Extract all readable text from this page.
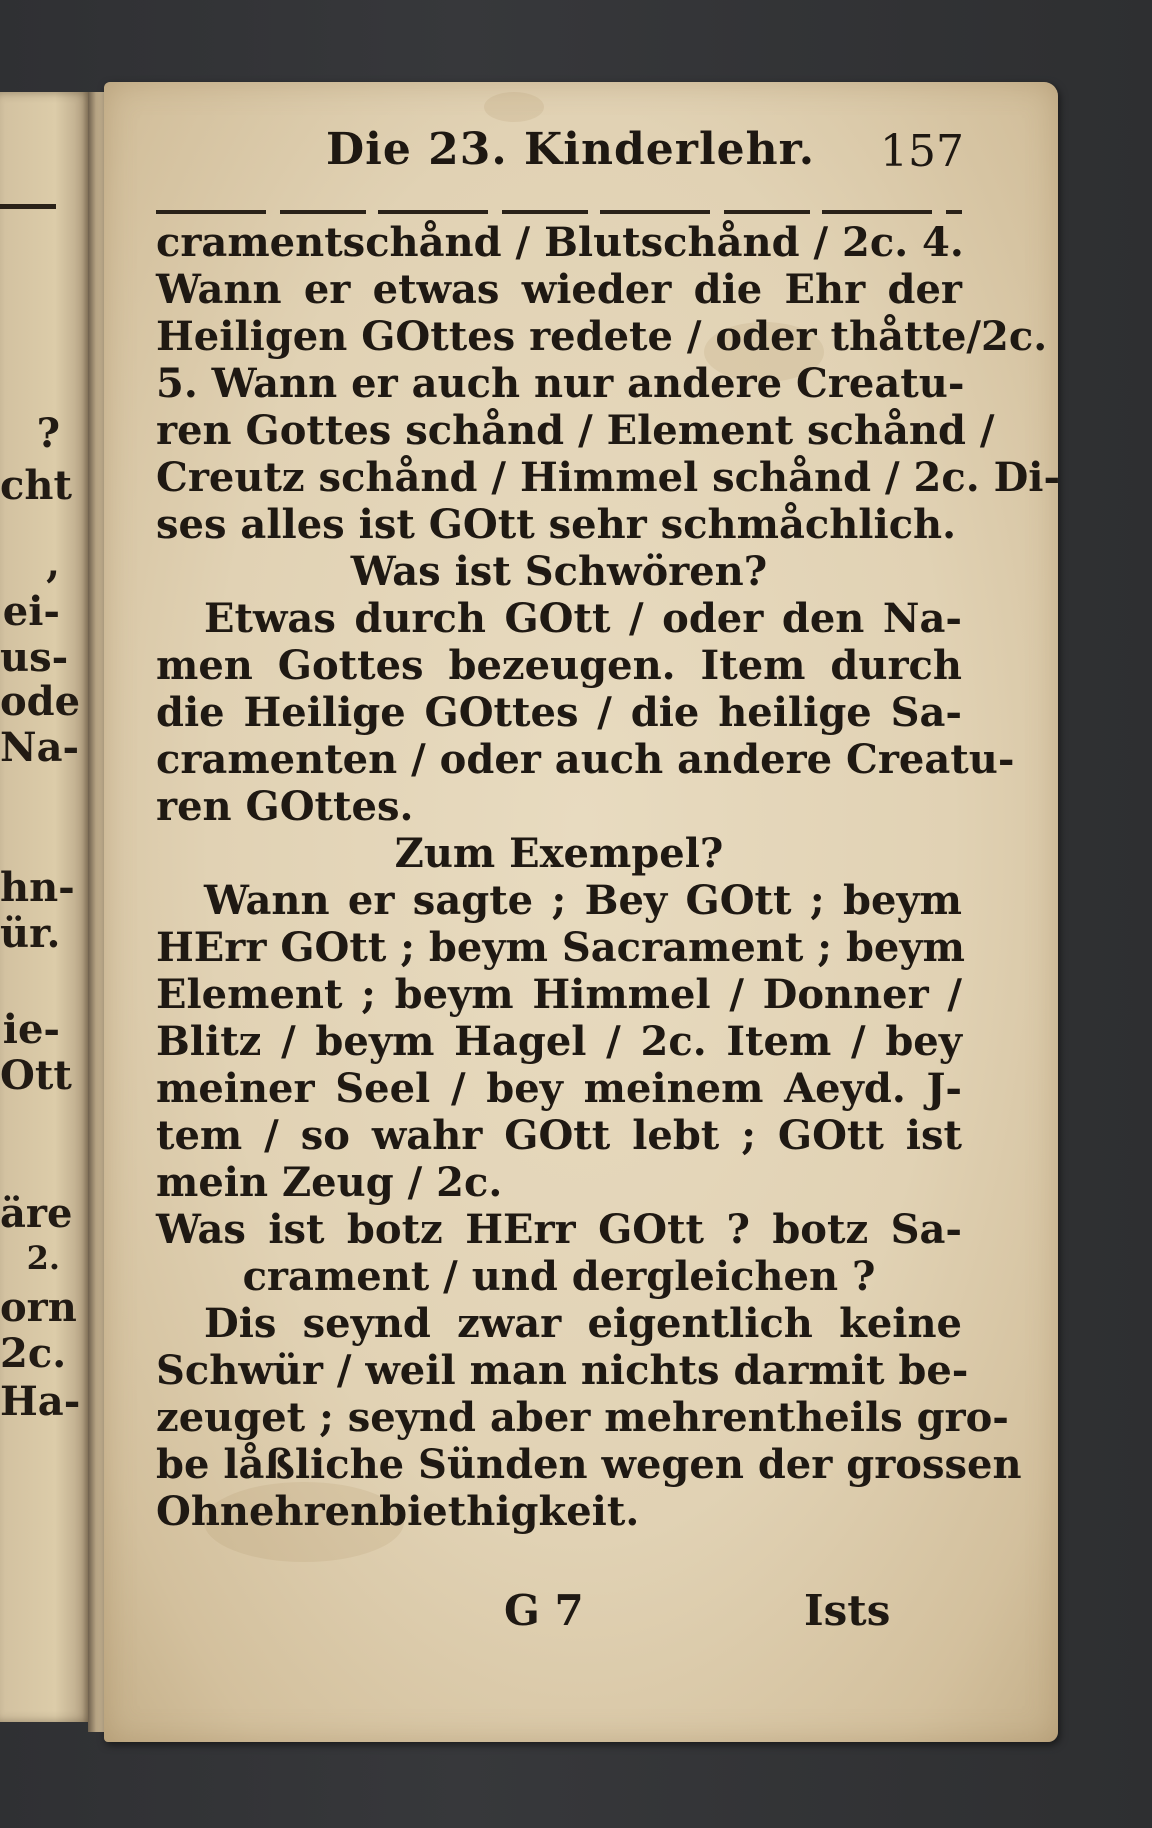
?
cht
,
ei-
us-
ode
Na-
hn-
ür.
ie-
Ott
äre
2.
orn
2c.
Ha-
Die 23. Kinderlehr. 157
cramentschånd / Blutschånd / 2c. 4.
Wann er etwas wieder die Ehr der
Heiligen GOttes redete / oder thåtte/2c.
5. Wann er auch nur andere Creatu-
ren Gottes schånd / Element schånd /
Creutz schånd / Himmel schånd / 2c. Di-
ses alles ist GOtt sehr schmåchlich.
Was ist Schwören?
Etwas durch GOtt / oder den Na-
men Gottes bezeugen. Item durch
die Heilige GOttes / die heilige Sa-
cramenten / oder auch andere Creatu-
ren GOttes.
Zum Exempel?
Wann er sagte ; Bey GOtt ; beym
HErr GOtt ; beym Sacrament ; beym
Element ; beym Himmel / Donner /
Blitz / beym Hagel / 2c. Item / bey
meiner Seel / bey meinem Aeyd. J-
tem / so wahr GOtt lebt ; GOtt ist
mein Zeug / 2c.
Was ist botz HErr GOtt ? botz Sa-
crament / und dergleichen ?
Dis seynd zwar eigentlich keine
Schwür / weil man nichts darmit be-
zeuget ; seynd aber mehrentheils gro-
be låßliche Sünden wegen der grossen
Ohnehrenbiethigkeit.
G 7	Ists
